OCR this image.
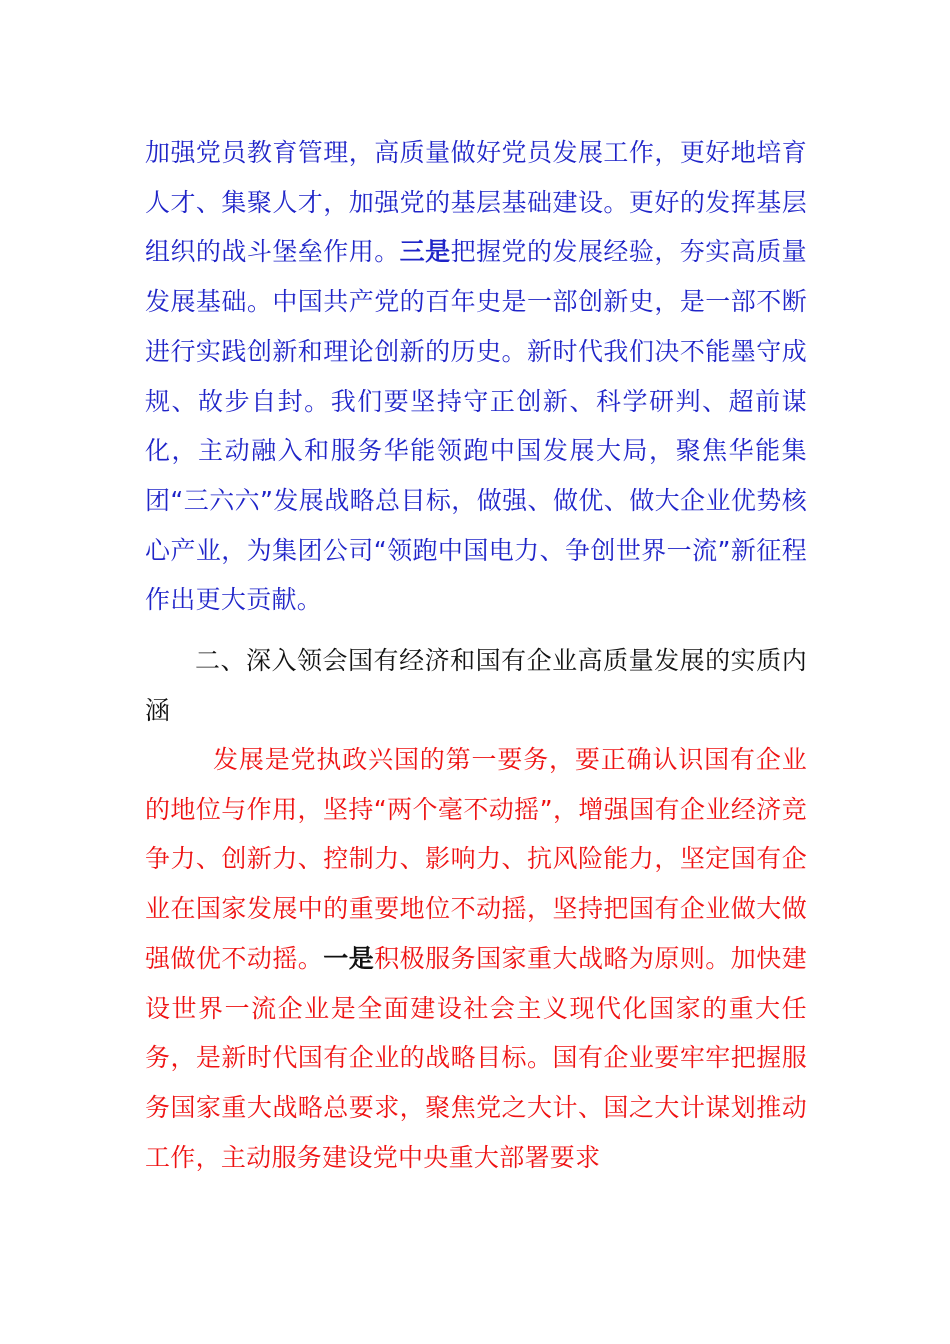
加强党员教育管理，高质量做好党员发展工作，更好地培育人才、集聚人才，加强党的基层基础建设。更好的发挥基层组织的战斗堡垒作用。三是把握党的发展经验，夯实高质量发展基础。中国共产党的百年史是一部创新史，是一部不断进行实践创新和理论创新的历史。新时代我们决不能墨守成规、故步自封。我们要坚持守正创新、科学研判、超前谋化，主动融入和服务华能领跑中国发展大局，聚焦华能集团“三六六”发展战略总目标，做强、做优、做大企业优势核心产业，为集团公司“领跑中国电力、争创世界一流”新征程作出更大贡献。

二、深入领会国有经济和国有企业高质量发展的实质内涵

发展是党执政兴国的第一要务，要正确认识国有企业的地位与作用，坚持“两个毫不动摇”，增强国有企业经济竞争力、创新力、控制力、影响力、抗风险能力，坚定国有企业在国家发展中的重要地位不动摇，坚持把国有企业做大做强做优不动摇。一是积极服务国家重大战略为原则。加快建设世界一流企业是全面建设社会主义现代化国家的重大任务，是新时代国有企业的战略目标。国有企业要牢牢把握服务国家重大战略总要求，聚焦党之大计、国之大计谋划推动工作，主动服务建设党中央重大部署要求
